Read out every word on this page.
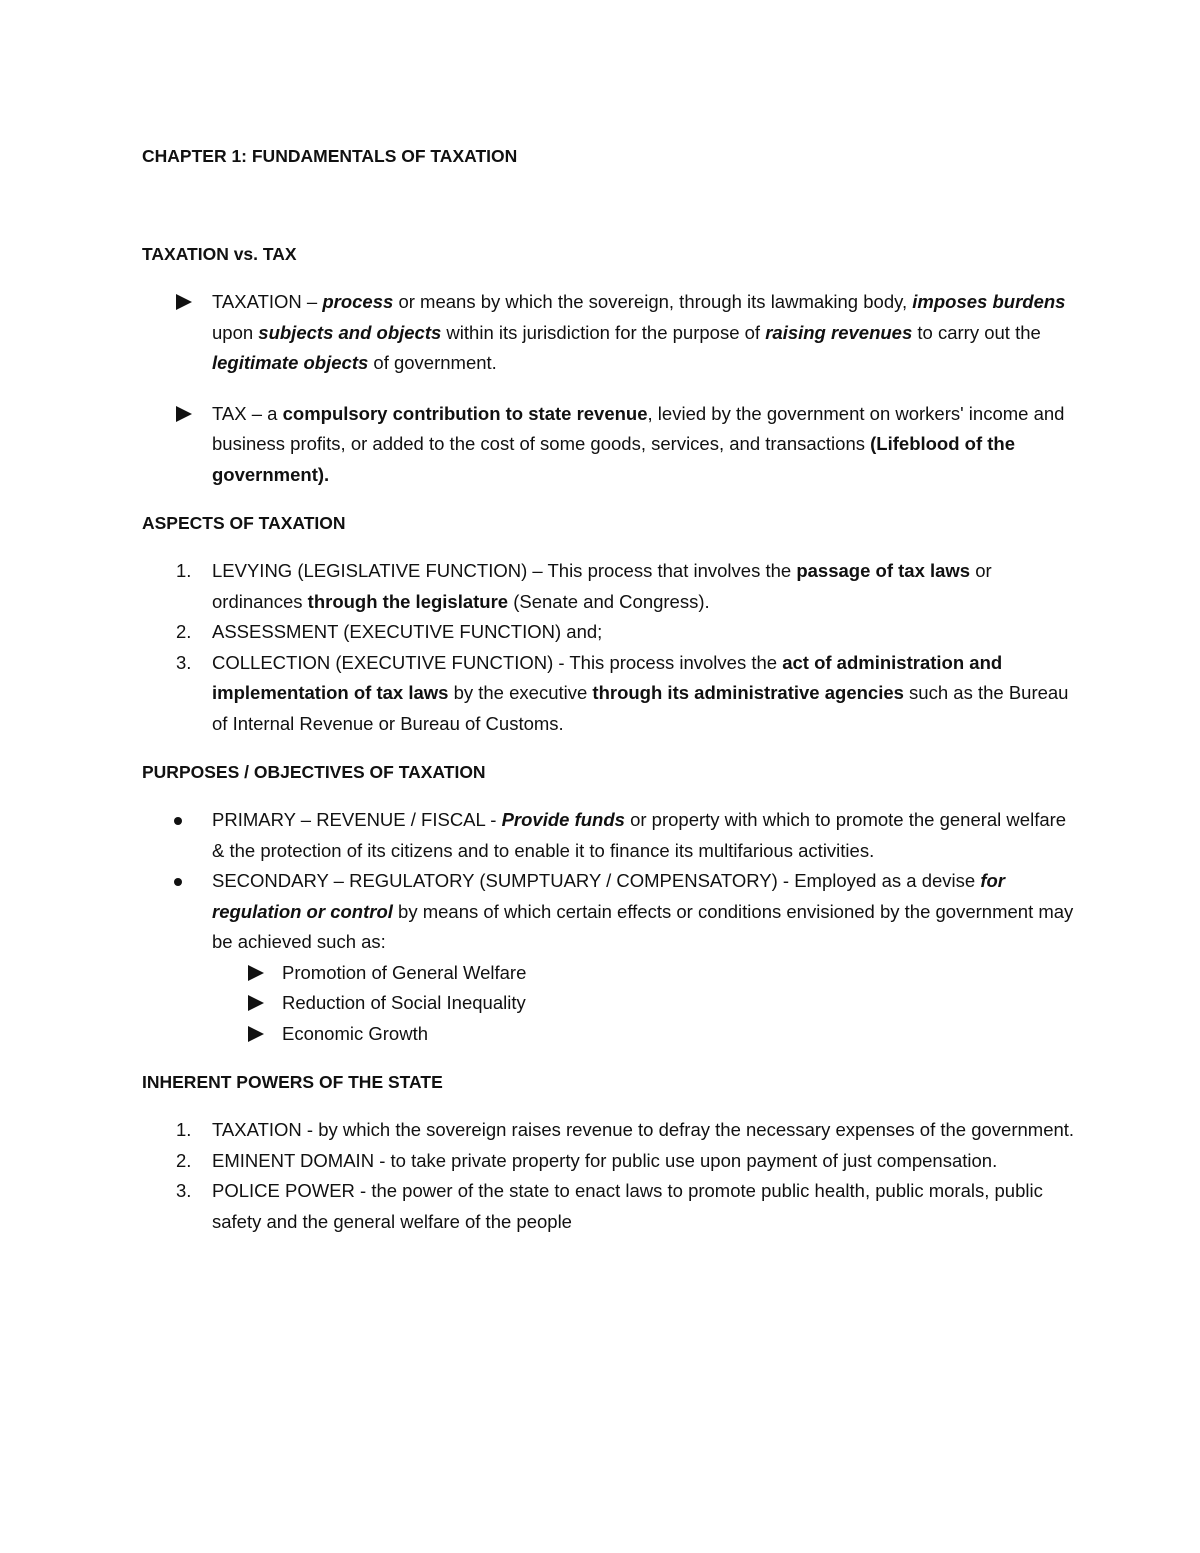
CHAPTER 1: FUNDAMENTALS OF TAXATION

TAXATION vs. TAX

TAXATION – process or means by which the sovereign, through its lawmaking body, imposes burdens upon subjects and objects within its jurisdiction for the purpose of raising revenues to carry out the legitimate objects of government.
TAX – a compulsory contribution to state revenue, levied by the government on workers' income and business profits, or added to the cost of some goods, services, and transactions (Lifeblood of the government).

ASPECTS OF TAXATION

1. LEVYING (LEGISLATIVE FUNCTION) – This process that involves the passage of tax laws or ordinances through the legislature (Senate and Congress).
2. ASSESSMENT (EXECUTIVE FUNCTION) and;
3. COLLECTION (EXECUTIVE FUNCTION) - This process involves the act of administration and implementation of tax laws by the executive through its administrative agencies such as the Bureau of Internal Revenue or Bureau of Customs.

PURPOSES / OBJECTIVES OF TAXATION

PRIMARY – REVENUE / FISCAL - Provide funds or property with which to promote the general welfare & the protection of its citizens and to enable it to finance its multifarious activities.
SECONDARY – REGULATORY (SUMPTUARY / COMPENSATORY) - Employed as a devise for regulation or control by means of which certain effects or conditions envisioned by the government may be achieved such as:
Promotion of General Welfare
Reduction of Social Inequality
Economic Growth

INHERENT POWERS OF THE STATE

1. TAXATION - by which the sovereign raises revenue to defray the necessary expenses of the government.
2. EMINENT DOMAIN - to take private property for public use upon payment of just compensation.
3. POLICE POWER - the power of the state to enact laws to promote public health, public morals, public safety and the general welfare of the people
